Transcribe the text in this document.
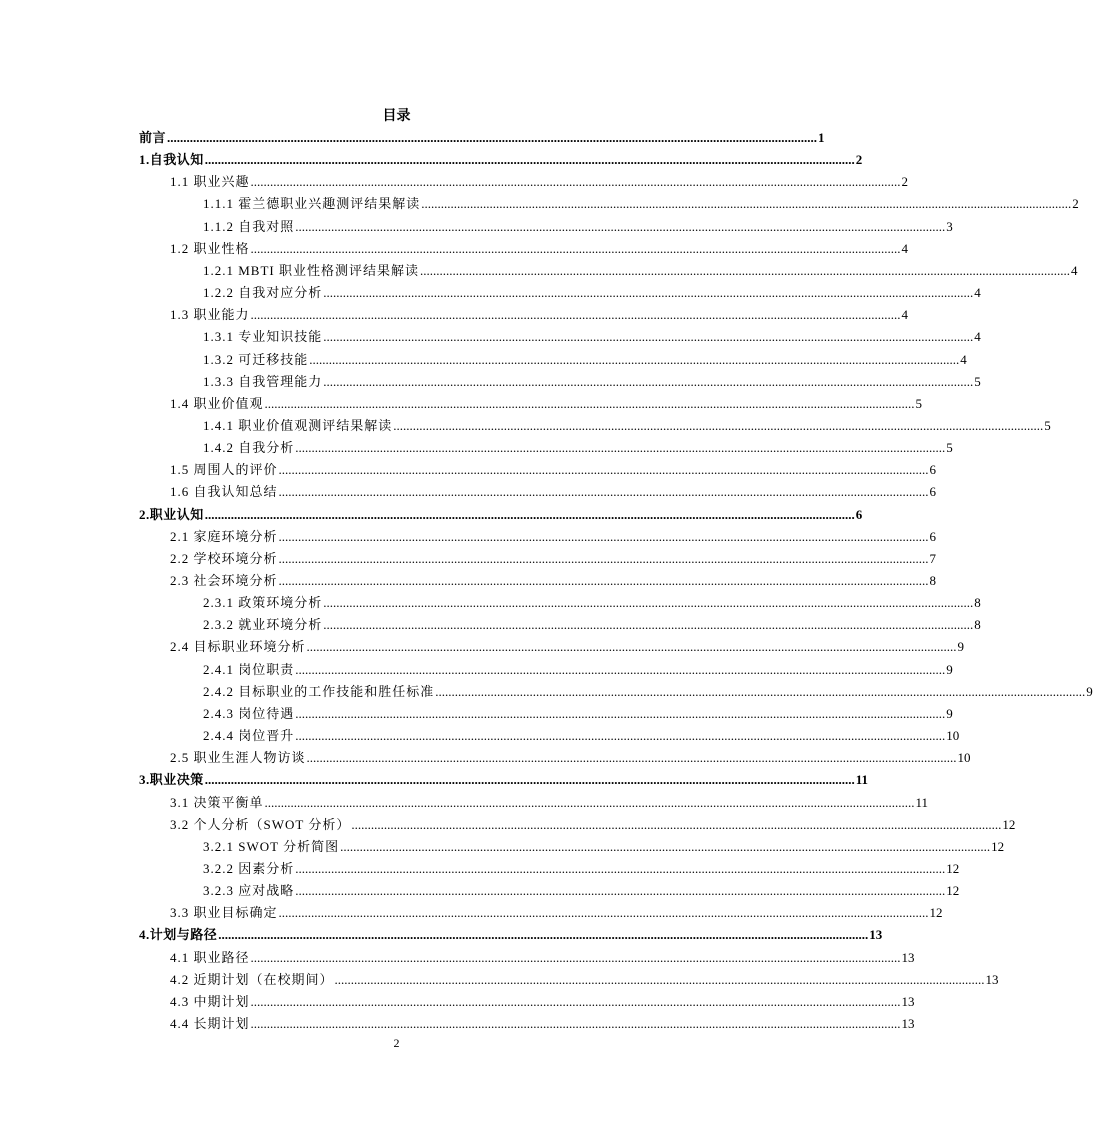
目录
前言 ........................................................................................................................................................................................................ 1
1.自我认知 ........................................................................................................................................................................................................ 2
1.1 职业兴趣 ........................................................................................................................................................................................................ 2
1.1.1 霍兰德职业兴趣测评结果解读 ........................................................................................................................................................................................................ 2
1.1.2 自我对照 ........................................................................................................................................................................................................ 3
1.2 职业性格 ........................................................................................................................................................................................................ 4
1.2.1 MBTI 职业性格测评结果解读 ........................................................................................................................................................................................................ 4
1.2.2 自我对应分析 ........................................................................................................................................................................................................ 4
1.3 职业能力 ........................................................................................................................................................................................................ 4
1.3.1 专业知识技能 ........................................................................................................................................................................................................ 4
1.3.2 可迁移技能 ........................................................................................................................................................................................................ 4
1.3.3 自我管理能力 ........................................................................................................................................................................................................ 5
1.4 职业价值观 ........................................................................................................................................................................................................ 5
1.4.1 职业价值观测评结果解读 ........................................................................................................................................................................................................ 5
1.4.2 自我分析 ........................................................................................................................................................................................................ 5
1.5 周围人的评价 ........................................................................................................................................................................................................ 6
1.6 自我认知总结 ........................................................................................................................................................................................................ 6
2.职业认知 ........................................................................................................................................................................................................ 6
2.1 家庭环境分析 ........................................................................................................................................................................................................ 6
2.2 学校环境分析 ........................................................................................................................................................................................................ 7
2.3 社会环境分析 ........................................................................................................................................................................................................ 8
2.3.1 政策环境分析 ........................................................................................................................................................................................................ 8
2.3.2 就业环境分析 ........................................................................................................................................................................................................ 8
2.4 目标职业环境分析 ........................................................................................................................................................................................................ 9
2.4.1 岗位职责 ........................................................................................................................................................................................................ 9
2.4.2 目标职业的工作技能和胜任标准 ........................................................................................................................................................................................................ 9
2.4.3 岗位待遇 ........................................................................................................................................................................................................ 9
2.4.4 岗位晋升 ........................................................................................................................................................................................................ 10
2.5 职业生涯人物访谈 ........................................................................................................................................................................................................ 10
3.职业决策 ........................................................................................................................................................................................................ 11
3.1 决策平衡单 ........................................................................................................................................................................................................ 11
3.2 个人分析（SWOT 分析） ........................................................................................................................................................................................................ 12
3.2.1 SWOT 分析简图 ........................................................................................................................................................................................................ 12
3.2.2 因素分析 ........................................................................................................................................................................................................ 12
3.2.3 应对战略 ........................................................................................................................................................................................................ 12
3.3 职业目标确定 ........................................................................................................................................................................................................ 12
4.计划与路径 ........................................................................................................................................................................................................ 13
4.1 职业路径 ........................................................................................................................................................................................................ 13
4.2 近期计划（在校期间） ........................................................................................................................................................................................................ 13
4.3 中期计划 ........................................................................................................................................................................................................ 13
4.4 长期计划 ........................................................................................................................................................................................................ 13
2
